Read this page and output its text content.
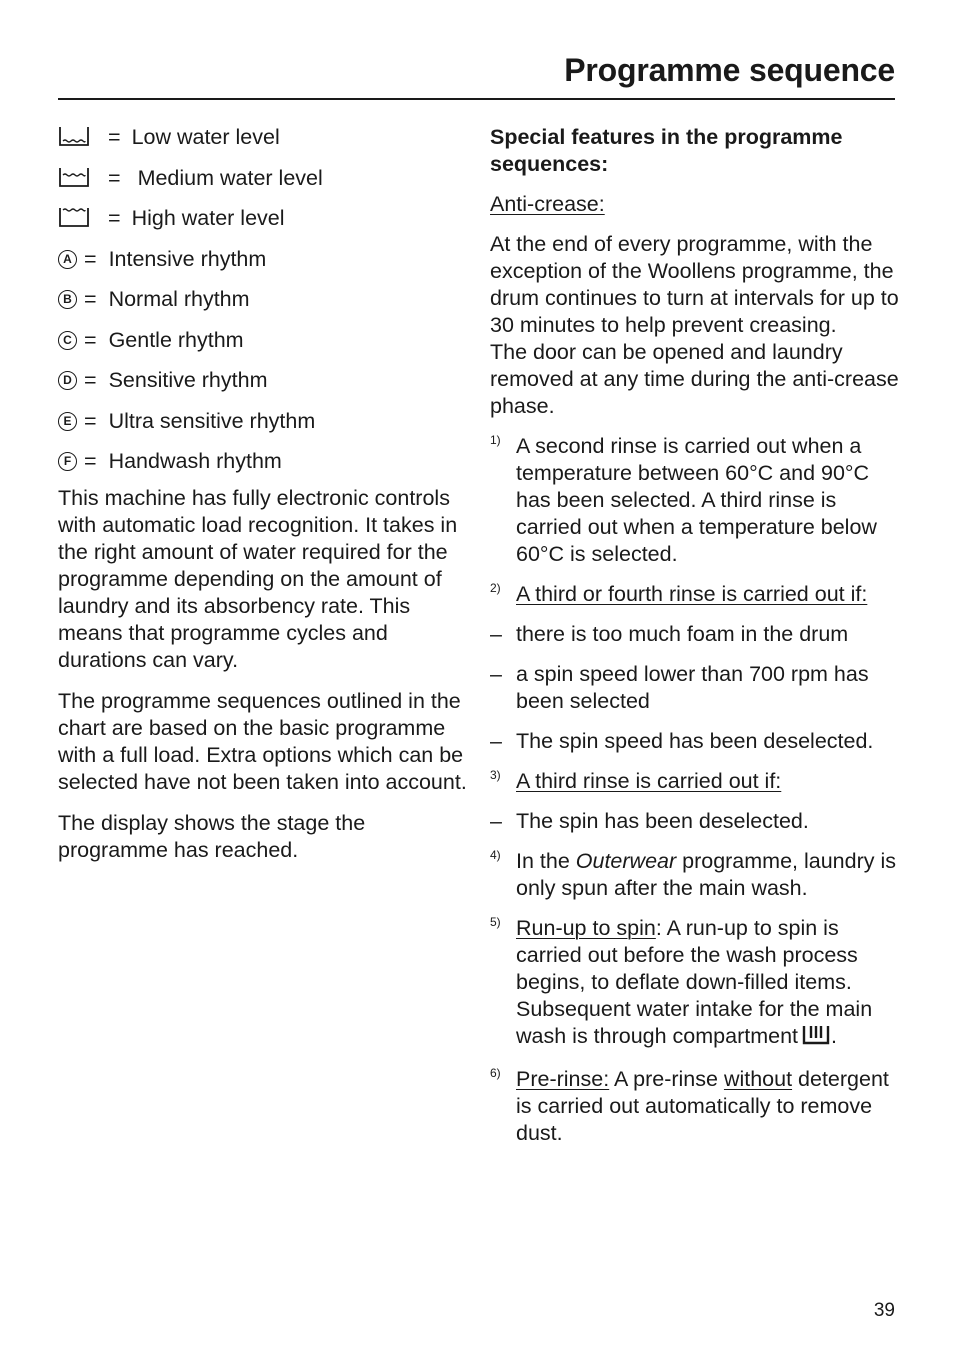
Programme sequence
= Low water level
= Medium water level
= High water level
A = Intensive rhythm
B = Normal rhythm
C = Gentle rhythm
D = Sensitive rhythm
E = Ultra sensitive rhythm
F = Handwash rhythm

This machine has fully electronic controls with automatic load recognition. It takes in the right amount of water required for the programme depending on the amount of laundry and its absorbency rate. This means that programme cycles and durations can vary.

The programme sequences outlined in the chart are based on the basic programme with a full load. Extra options which can be selected have not been taken into account.

The display shows the stage the programme has reached.

Special features in the programme sequences:

Anti-crease:

At the end of every programme, with the exception of the Woollens programme, the drum continues to turn at intervals for up to 30 minutes to help prevent creasing.

The door can be opened and laundry removed at any time during the anti-crease phase.

1) A second rinse is carried out when a temperature between 60°C and 90°C has been selected. A third rinse is carried out when a temperature below 60°C is selected.
2) A third or fourth rinse is carried out if:
– there is too much foam in the drum
– a spin speed lower than 700 rpm has been selected
– The spin speed has been deselected.
3) A third rinse is carried out if:
– The spin has been deselected.
4) In the Outerwear programme, laundry is only spun after the main wash.
5) Run-up to spin: A run-up to spin is carried out before the wash process begins, to deflate down-filled items. Subsequent water intake for the main wash is through compartment .
6) Pre-rinse: A pre-rinse without detergent is carried out automatically to remove dust.
39
